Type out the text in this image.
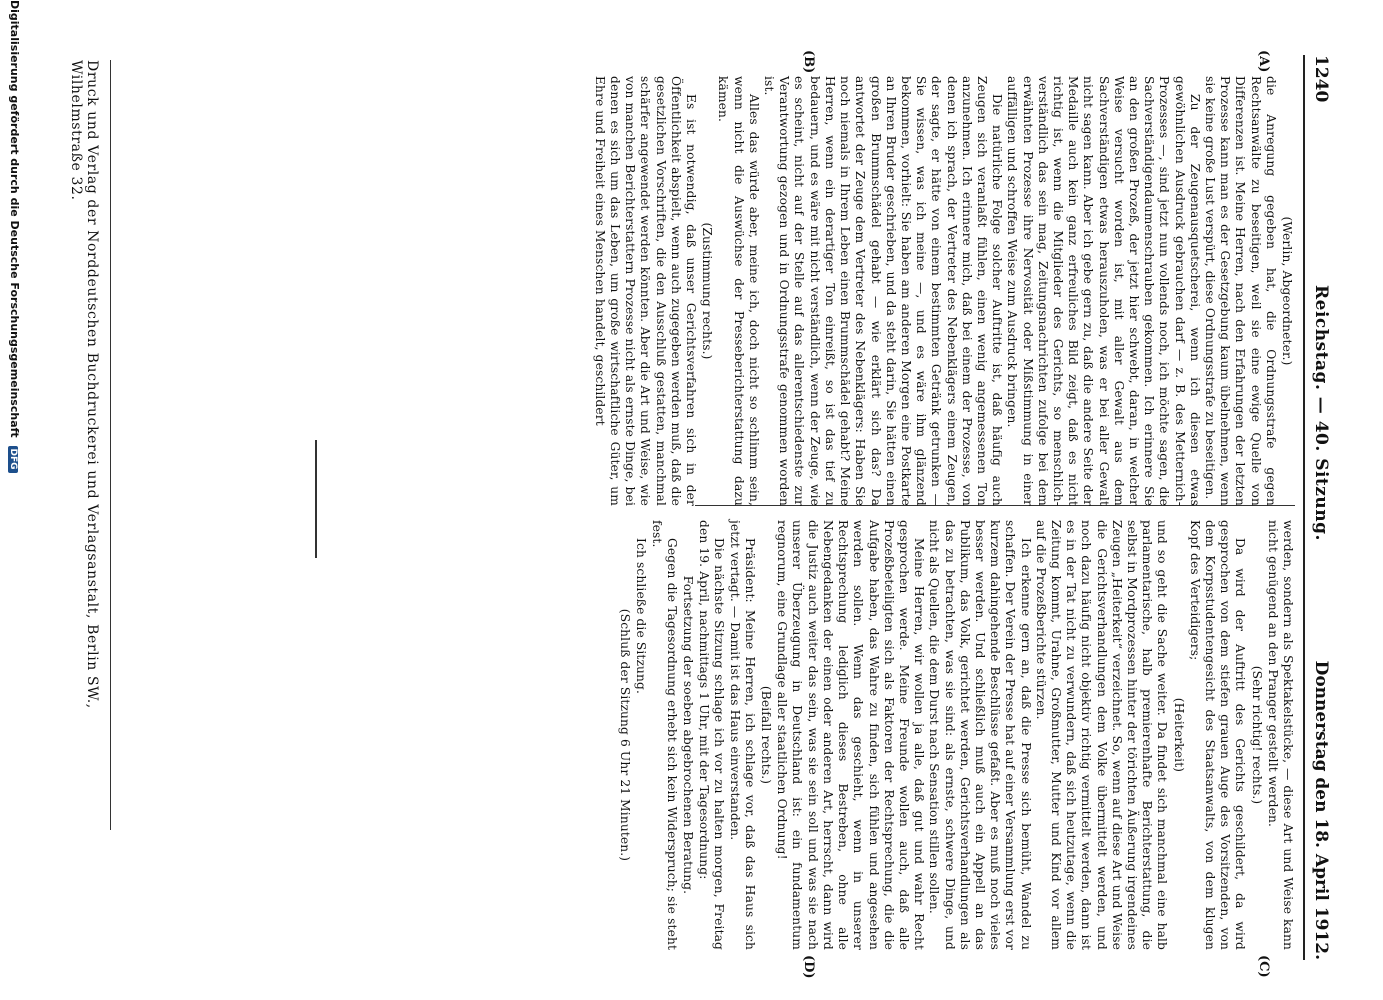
1240
Reichstag. — 40. Sitzung.
Donnerstag den 18. April 1912.
(A)
(B)
(C)
(D)

(Werlin, Abgeordneter.)

die Anregung gegeben hat, die Ordnungsstrafe gegen Rechtsanwälte zu beseitigen, weil sie eine ewige Quelle von Differenzen ist. Meine Herren, nach den Erfahrungen der letzten Prozesse kann man es der Gesetzgebung kaum übelnehmen, wenn sie keine große Lust verspürt, diese Ordnungsstrafe zu beseitigen.

Zu der Zeugenausquetscherei, wenn ich diesen etwas gewöhnlichen Ausdruck gebrauchen darf — z. B. des Metternich-Prozesses —, sind jetzt nun vollends noch, ich möchte sagen, die Sachverständigendaumenschrauben gekommen. Ich erinnere Sie an den großen Prozeß, der jetzt hier schwebt, daran, in welcher Weise versucht worden ist, mit aller Gewalt aus dem Sachverständigen etwas herauszuholen, was er bei aller Gewalt nicht sagen kann. Aber ich gebe gern zu, daß die andere Seite der Medaille auch kein ganz erfreuliches Bild zeigt, daß es nicht richtig ist, wenn die Mitglieder des Gerichts, so menschlich-verständlich das sein mag, Zeitungsnachrichten zufolge bei dem erwähnten Prozesse ihre Nervosität oder Mißstimmung in einer auffälligen und schroffen Weise zum Ausdruck bringen.

Die natürliche Folge solcher Auftritte ist, daß häufig auch Zeugen sich veranlaßt fühlen, einen wenig angemessenen Ton anzunehmen. Ich erinnere mich, daß bei einem der Prozesse, von denen ich sprach, der Vertreter des Nebenklägers einem Zeugen, der sagte, er hätte von einem bestimmten Getränk getrunken — Sie wissen, was ich meine —, und es wäre ihm glänzend bekommen, vorhielt: Sie haben am anderen Morgen eine Postkarte an Ihren Bruder geschrieben, und da steht darin, Sie hätten einen großen Brummschädel gehabt — wie erklärt sich das? Da antwortet der Zeuge dem Vertreter des Nebenklägers: Haben Sie noch niemals in Ihrem Leben einen Brummschädel gehabt? Meine Herren, wenn ein derartiger Ton einreißt, so ist das tief zu bedauern, und es wäre mit nicht verständlich, wenn der Zeuge, wie es scheint, nicht auf der Stelle auf das allerentschiedenste zur Verantwortung gezogen und in Ordnungsstrafe genommen worden ist.

Alles das würde aber, meine ich, doch nicht so schlimm sein, wenn nicht die Auswüchse der Presseberichterstattung dazu kämen.

(Zustimmung rechts.)

Es ist notwendig, daß unser Gerichtsverfahren sich in der Öffentlichkeit abspielt, wenn auch zugegeben werden muß, daß die gesetzlichen Vorschriften, die den Ausschluß gestatten, manchmal schärfer angewendet werden könnten. Aber die Art und Weise, wie von manchen Berichterstattern Prozesse nicht als ernste Dinge, bei denen es sich um das Leben, um große wirtschaftliche Güter, um Ehre und Freiheit eines Menschen handelt, geschildert

werden, sondern als Spektakelstücke, — diese Art und Weise kann nicht genügend an den Pranger gestellt werden.

(Sehr richtig! rechts.)

Da wird der Auftritt des Gerichts geschildert, da wird gesprochen von dem stiefen grauen Auge des Vorsitzenden, von dem Korpsstudentengesicht des Staatsanwalts, von dem klugen Kopf des Verteidigers;

(Heiterkeit)

und so geht die Sache weiter. Da findet sich manchmal eine halb parlamentarische, halb premierenhafte Berichterstattung, die selbst in Mordprozessen hinter der törichten Äußerung irgendeines Zeugen „Heiterkeit“ verzeichnet. So, wenn auf diese Art und Weise die Gerichtsverhandlungen dem Volke übermittelt werden, und noch dazu häufig nicht objektiv richtig vermittelt werden, dann ist es in der Tat nicht zu verwundern, daß sich heutzutage, wenn die Zeitung kommt, Urahne, Großmutter, Mutter und Kind vor allem auf die Prozeßberichte stürzen.

Ich erkenne gern an, daß die Presse sich bemüht, Wandel zu schaffen. Der Verein der Presse hat auf einer Versammlung erst vor kurzem dahingehende Beschlüsse gefaßt. Aber es muß noch vieles besser werden. Und schließlich muß auch ein Appell an das Publikum, das Volk, gerichtet werden, Gerichtsverhandlungen als das zu betrachten, was sie sind: als ernste, schwere Dinge, und nicht als Quellen, die dem Durst nach Sensation stillen sollen.

Meine Herren, wir wollen ja alle, daß gut und wahr Recht gesprochen werde. Meine Freunde wollen auch, daß alle Prozeßbeteiligten sich als Faktoren der Rechtsprechung, die die Aufgabe haben, das Wahre zu finden, sich fühlen und angesehen werden sollen. Wenn das geschieht, wenn in unserer Rechtsprechung lediglich dieses Bestreben, ohne alle Nebengedanken der einen oder anderen Art, herrscht, dann wird die Justiz auch weiter das sein, was sie sein soll und was sie nach unserer Überzeugung in Deutschland ist: ein fundamentum regnorum, eine Grundlage aller staatlichen Ordnung!

(Beifall rechts.)

Präsident: Meine Herren, ich schlage vor, daß das Haus sich jetzt vertagt. — Damit ist das Haus einverstanden.

Die nächste Sitzung schlage ich vor zu halten morgen, Freitag den 19. April, nachmittags 1 Uhr, mit der Tagesordnung:

Fortsetzung der soeben abgebrochenen Beratung.

Gegen die Tagesordnung erhebt sich kein Widerspruch; sie steht fest.

Ich schließe die Sitzung.

(Schluß der Sitzung 6 Uhr 21 Minuten.)

Druck und Verlag der Norddeutschen Buchdruckerei und Verlagsanstalt, Berlin SW., Wilhelmstraße 32.
Digitalisierung gefördert durch die Deutsche Forschungsgemeinschaft DFG
